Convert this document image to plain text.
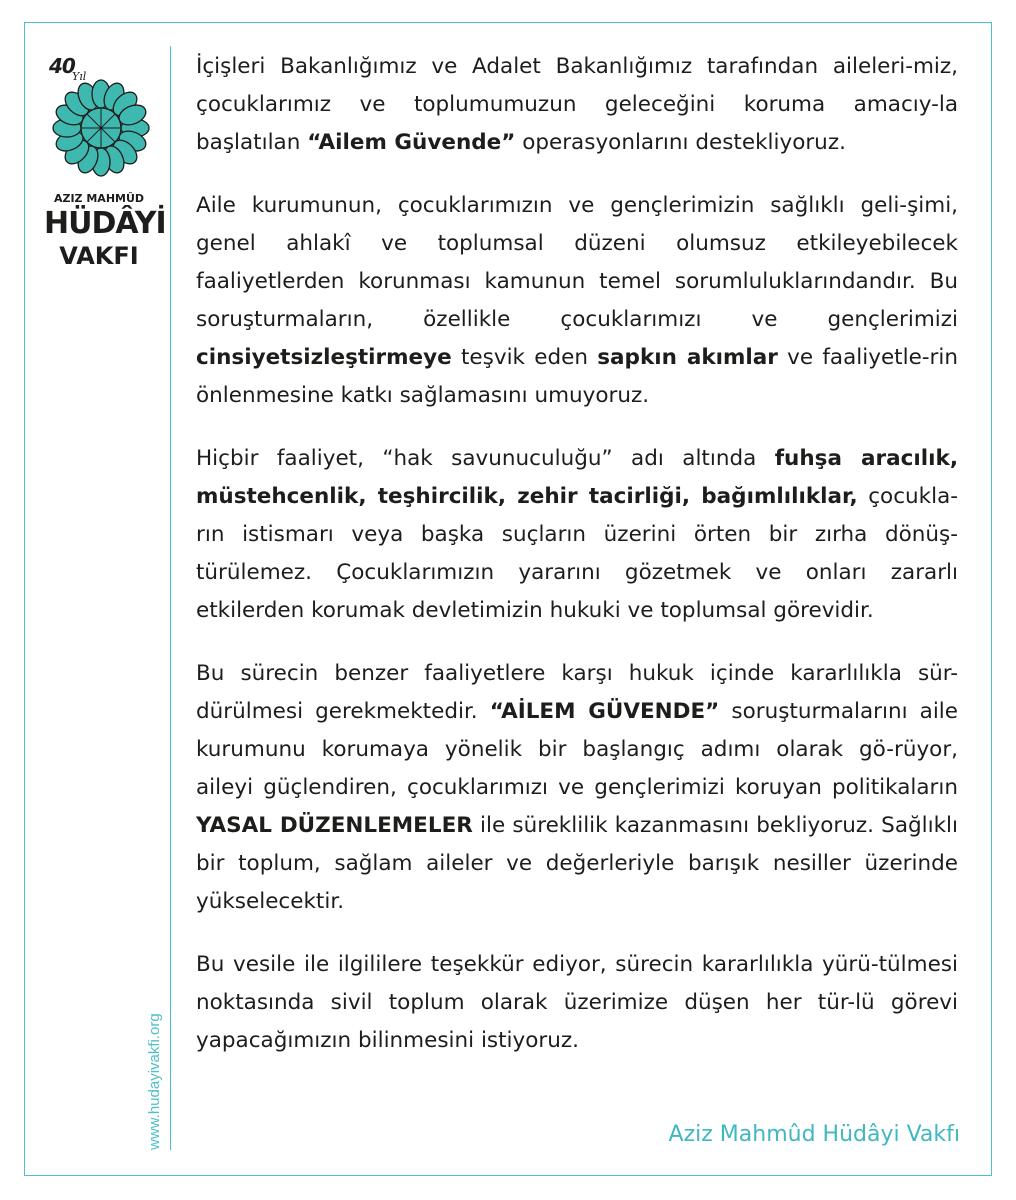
40
Yıl
AZIZ MAHMÛD
HÜDÂYİ
VAKFI
www.hudayivakfi.org

İçişleri Bakanlığımız ve Adalet Bakanlığımız tarafından aileleri-miz, çocuklarımız ve toplumumuzun geleceğini koruma amacıy-la başlatılan “Ailem Güvende” operasyonlarını destekliyoruz.

Aile kurumunun, çocuklarımızın ve gençlerimizin sağlıklı geli-şimi, genel ahlakî ve toplumsal düzeni olumsuz etkileyebilecek faaliyetlerden korunması kamunun temel sorumluluklarındandır. Bu soruşturmaların, özellikle çocuklarımızı ve gençlerimizi cinsiyetsizleştirmeye teşvik eden sapkın akımlar ve faaliyetle-rin önlenmesine katkı sağlamasını umuyoruz.

Hiçbir faaliyet, “hak savunuculuğu” adı altında fuhşa aracılık, müstehcenlik, teşhircilik, zehir tacirliği, bağımlılıklar, çocukla-rın istismarı veya başka suçların üzerini örten bir zırha dönüş-türülemez. Çocuklarımızın yararını gözetmek ve onları zararlı etkilerden korumak devletimizin hukuki ve toplumsal görevidir.

Bu sürecin benzer faaliyetlere karşı hukuk içinde kararlılıkla sür-dürülmesi gerekmektedir. “AİLEM GÜVENDE” soruşturmalarını aile kurumunu korumaya yönelik bir başlangıç adımı olarak gö-rüyor, aileyi güçlendiren, çocuklarımızı ve gençlerimizi koruyan politikaların YASAL DÜZENLEMELER ile süreklilik kazanmasını bekliyoruz. Sağlıklı bir toplum, sağlam aileler ve değerleriyle barışık nesiller üzerinde yükselecektir.

Bu vesile ile ilgililere teşekkür ediyor, sürecin kararlılıkla yürü-tülmesi noktasında sivil toplum olarak üzerimize düşen her tür-lü görevi yapacağımızın bilinmesini istiyoruz.

Aziz Mahmûd Hüdâyi Vakfı
